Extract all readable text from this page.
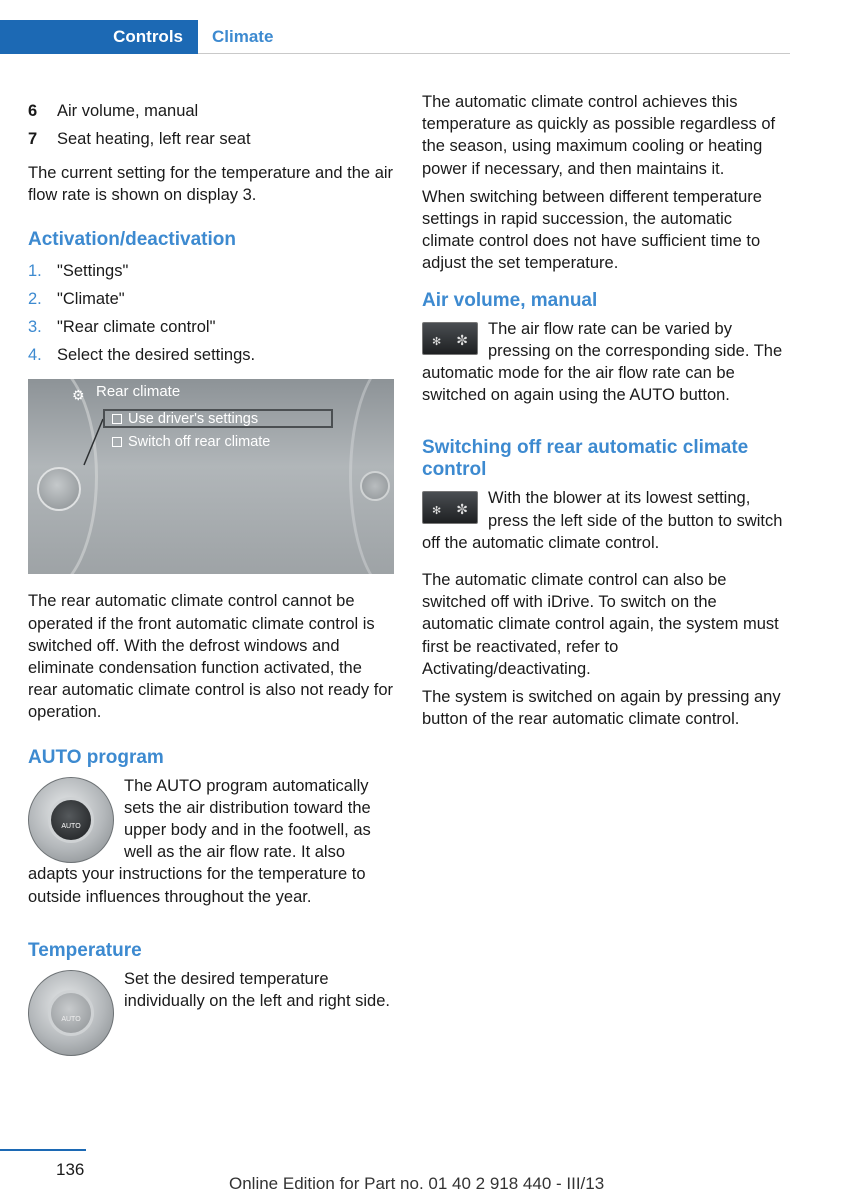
Controls Climate
6	Air volume, manual
7	Seat heating, left rear seat

The current setting for the temperature and the air flow rate is shown on display 3.

Activation/deactivation
1. "Settings"
2. "Climate"
3. "Rear climate control"
4. Select the desired settings.
⚙ Rear climate
Use driver's settings
Switch off rear climate

The rear automatic climate control cannot be operated if the front automatic climate control is switched off. With the defrost windows and eliminate condensation function activated, the rear automatic climate control is also not ready for operation.

AUTO program
AUTO

The AUTO program automatically sets the air distribution toward the upper body and in the footwell, as well as the air flow rate. It also adapts your instructions for the temperature to outside influences throughout the year.

Temperature
AUTO

Set the desired temperature individually on the left and right side.

The automatic climate control achieves this temperature as quickly as possible regardless of the season, using maximum cooling or heating power if necessary, and then maintains it.

When switching between different temperature settings in rapid succession, the automatic climate control does not have sufficient time to adjust the set temperature.

Air volume, manual
✻ ✼

The air flow rate can be varied by pressing on the corresponding side. The automatic mode for the air flow rate can be switched on again using the AUTO button.

Switching off rear automatic climate control
✻ ✼

With the blower at its lowest setting, press the left side of the button to switch off the automatic climate control.

The automatic climate control can also be switched off with iDrive. To switch on the automatic climate control again, the system must first be reactivated, refer to Activating/deactivating.

The system is switched on again by pressing any button of the rear automatic climate control.

136
Online Edition for Part no. 01 40 2 918 440 - III/13
